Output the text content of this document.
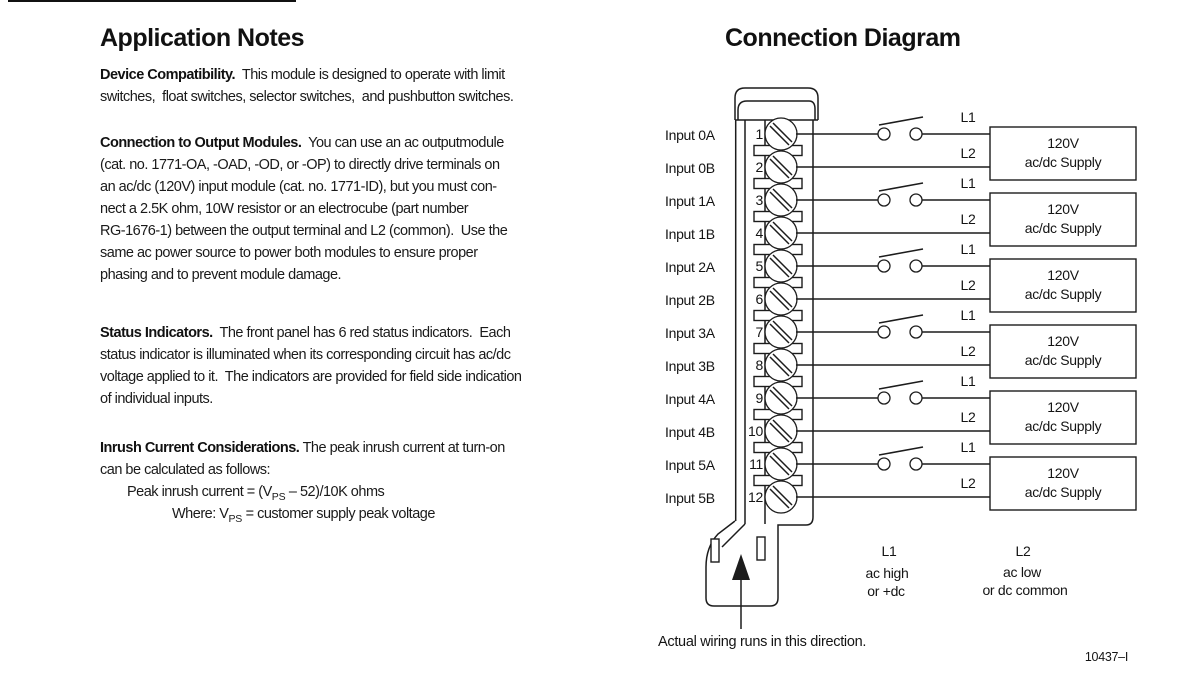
Application Notes
Device Compatibility.  This module is designed to operate with limit
switches,  float switches, selector switches,  and pushbutton switches.
Connection to Output Modules.  You can use an ac outputmodule
(cat. no. 1771-OA, -OAD, -OD, or -OP) to directly drive terminals on
an ac/dc (120V) input module (cat. no. 1771-ID), but you must con-
nect a 2.5K ohm, 10W resistor or an electrocube (part number
RG-1676-1) between the output terminal and L2 (common).  Use the
same ac power source to power both modules to ensure proper
phasing and to prevent module damage.
Status Indicators.  The front panel has 6 red status indicators.  Each
status indicator is illuminated when its corresponding circuit has ac/dc
voltage applied to it.  The indicators are provided for field side indication
of individual inputs.
Inrush Current Considerations. The peak inrush current at turn-on
can be calculated as follows:
Peak inrush current = $(V_{PS} - 52)/10K$ ohms
Where: $V_{PS}$ = customer supply peak voltage
Connection Diagram
1
2
3
4
5
6
7
8
9
10
11
12
Input 0A
Input 0B
Input 1A
Input 1B
Input 2A
Input 2B
Input 3A
Input 3B
Input 4A
Input 4B
Input 5A
Input 5B
L1
L2
120V
ac/dc Supply
L1
L2
120V
ac/dc Supply
L1
L2
120V
ac/dc Supply
L1
L2
120V
ac/dc Supply
L1
L2
120V
ac/dc Supply
L1
L2
120V
ac/dc Supply
L1
ac high
or +dc
L2
ac low
or dc common
Actual wiring runs in this direction.
10437–I
